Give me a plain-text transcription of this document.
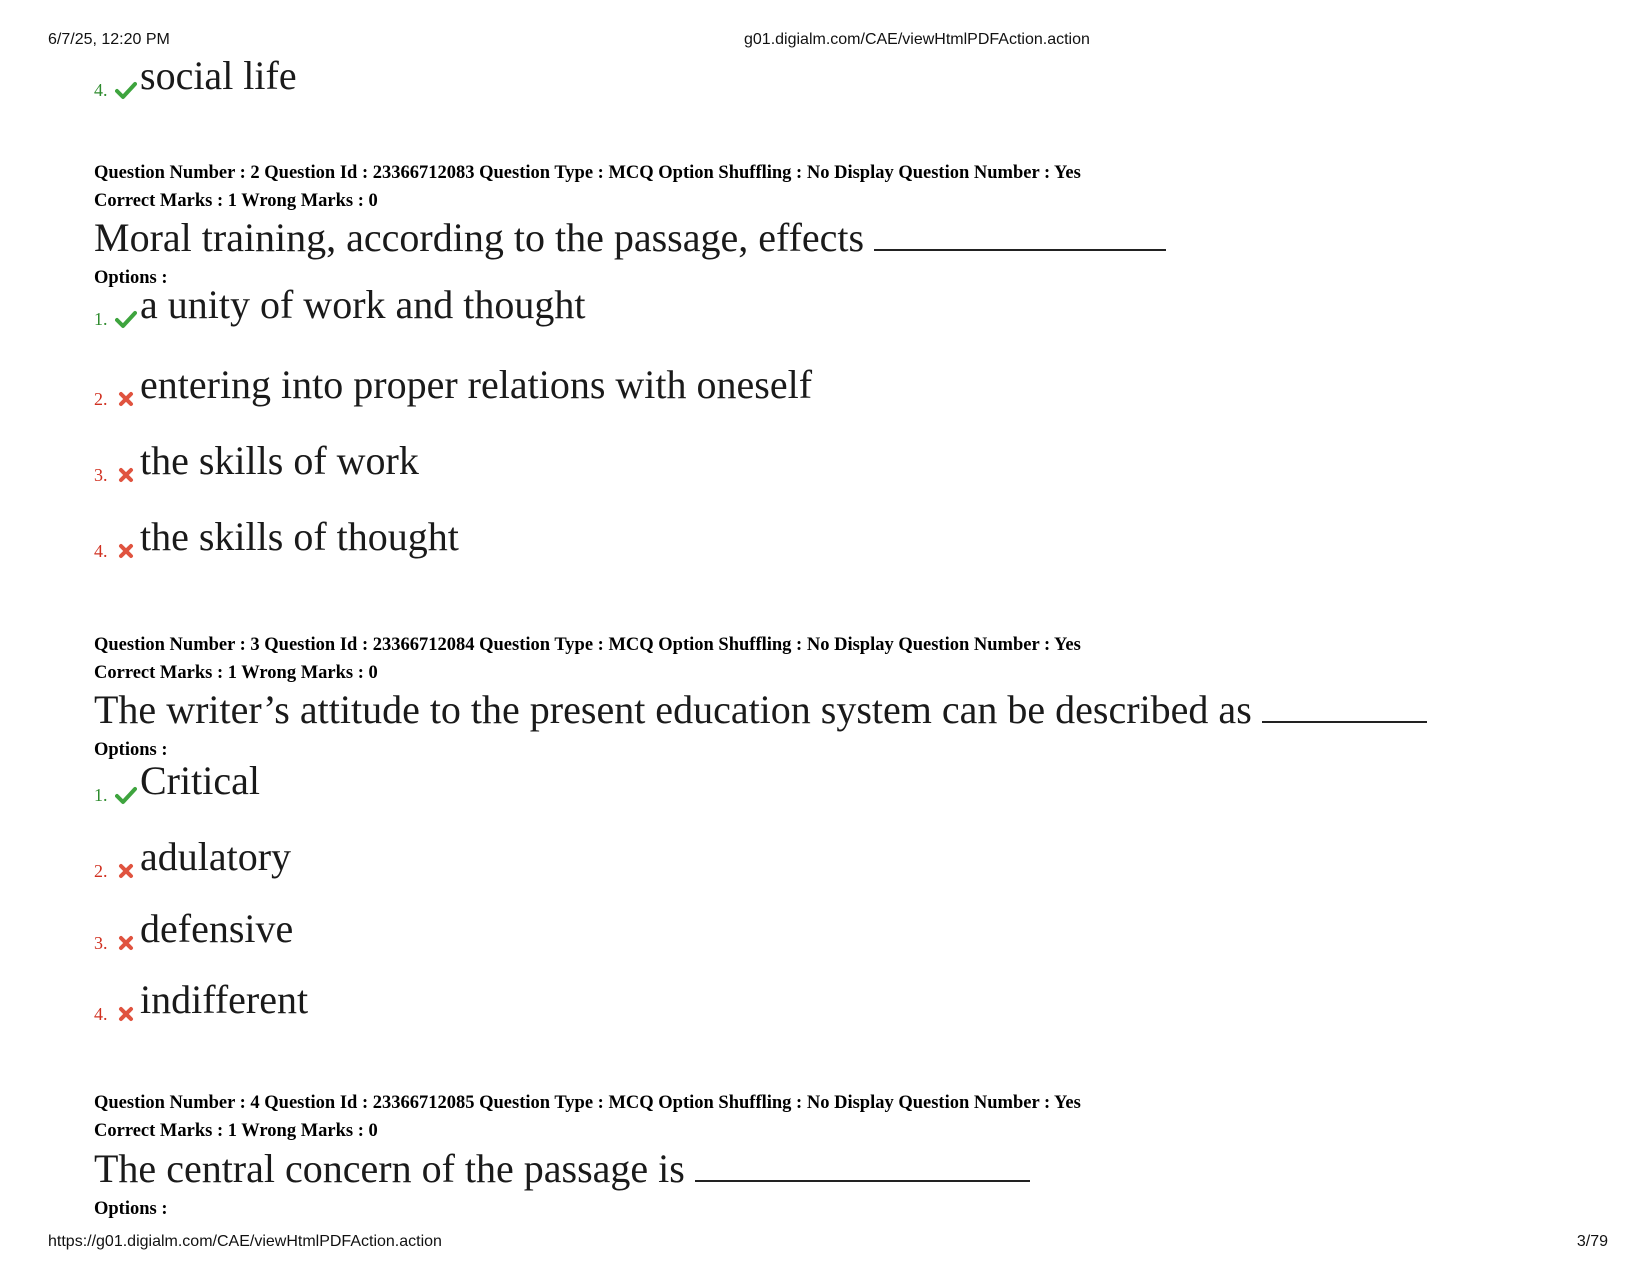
6/7/25, 12:20 PM	g01.digialm.com/CAE/viewHtmlPDFAction.action
4. social life
Question Number : 2 Question Id : 23366712083 Question Type : MCQ Option Shuffling : No Display Question Number : Yes
Correct Marks : 1 Wrong Marks : 0
Moral training, according to the passage, effects
Options :
1. a unity of work and thought
2. entering into proper relations with oneself
3. the skills of work
4. the skills of thought
Question Number : 3 Question Id : 23366712084 Question Type : MCQ Option Shuffling : No Display Question Number : Yes
Correct Marks : 1 Wrong Marks : 0
The writer’s attitude to the present education system can be described as
Options :
1. Critical
2. adulatory
3. defensive
4. indifferent
Question Number : 4 Question Id : 23366712085 Question Type : MCQ Option Shuffling : No Display Question Number : Yes
Correct Marks : 1 Wrong Marks : 0
The central concern of the passage is
Options :
https://g01.digialm.com/CAE/viewHtmlPDFAction.action	3/79
